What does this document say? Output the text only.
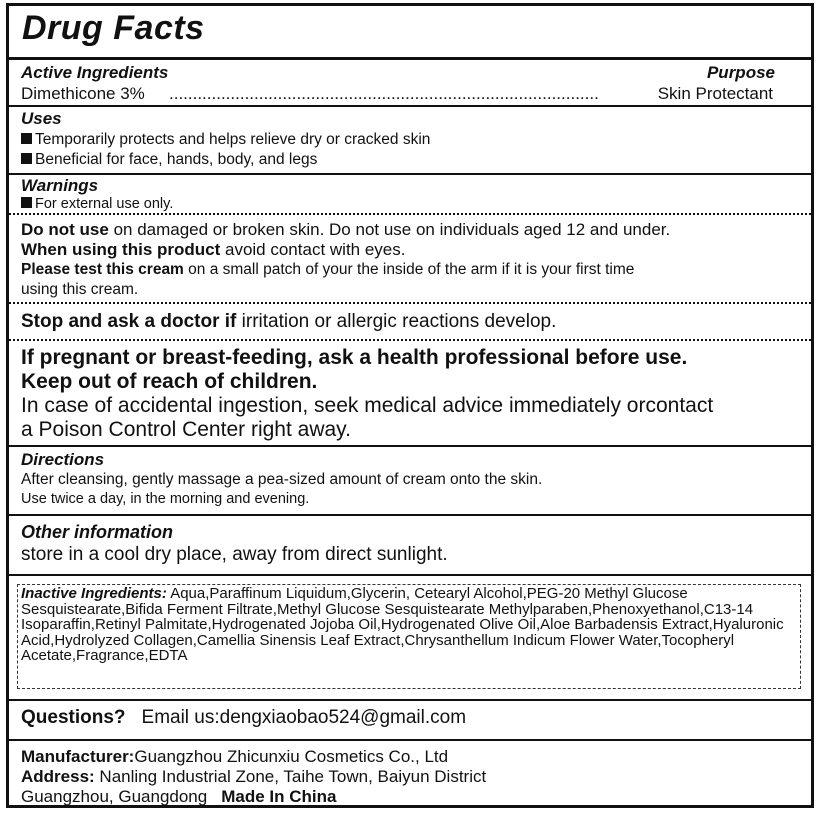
Drug Facts
Active Ingredients	Purpose
Dimethicone 3% ...........................................................................................	Skin Protectant
Uses
Temporarily protects and helps relieve dry or cracked skin
Beneficial for face, hands, body, and legs
Warnings
For external use only.
Do not use on damaged or broken skin. Do not use on individuals aged 12 and under.
When using this product avoid contact with eyes.
Please test this cream on a small patch of your the inside of the arm if it is your first time
using this cream.
Stop and ask a doctor if irritation or allergic reactions develop.
If pregnant or breast-feeding, ask a health professional before use.
Keep out of reach of children.
In case of accidental ingestion, seek medical advice immediately orcontact
a Poison Control Center right away.
Directions
After cleansing, gently massage a pea-sized amount of cream onto the skin.
Use twice a day, in the morning and evening.
Other information
store in a cool dry place, away from direct sunlight.
Inactive Ingredients: Aqua,Paraffinum Liquidum,Glycerin, Cetearyl Alcohol,PEG-20 Methyl Glucose Sesquistearate,Bifida Ferment Filtrate,Methyl Glucose Sesquistearate Methylparaben,Phenoxyethanol,C13-14 Isoparaffin,Retinyl Palmitate,Hydrogenated Jojoba Oil,Hydrogenated Olive Oil,Aloe Barbadensis Extract,Hyaluronic Acid,Hydrolyzed Collagen,Camellia Sinensis Leaf Extract,Chrysanthellum Indicum Flower Water,Tocopheryl Acetate,Fragrance,EDTA
Questions? Email us:dengxiaobao524@gmail.com
Manufacturer:Guangzhou Zhicunxiu Cosmetics Co., Ltd
Address: Nanling Industrial Zone, Taihe Town, Baiyun District
Guangzhou, Guangdong Made In China
